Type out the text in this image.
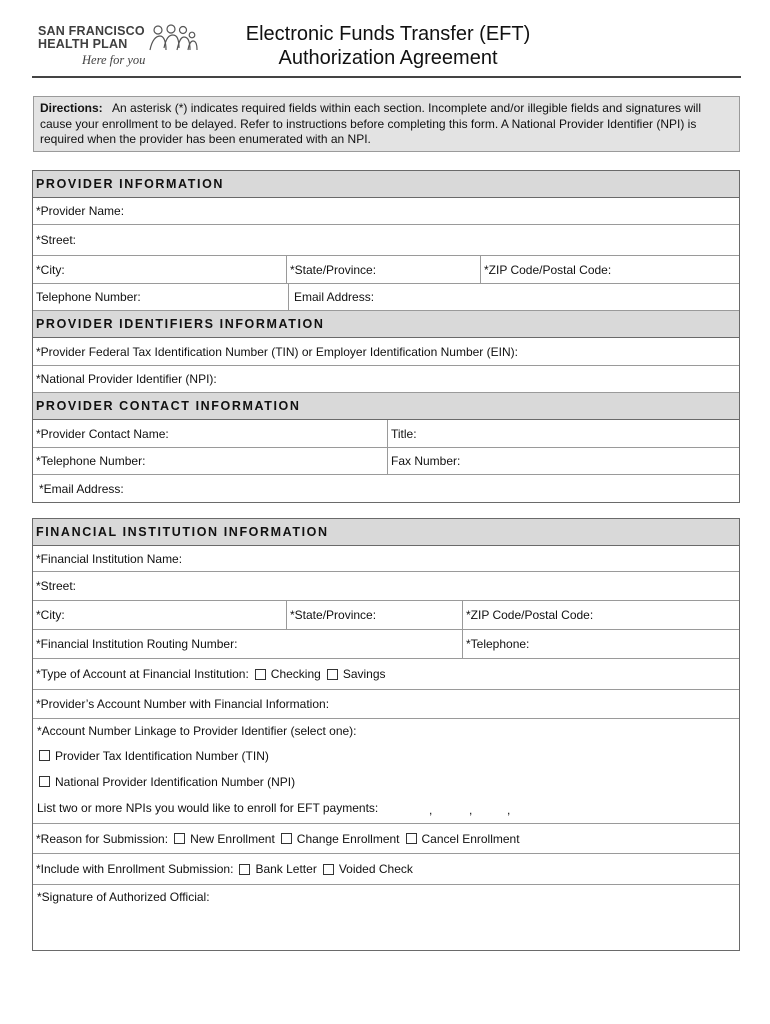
SAN FRANCISCO
HEALTH PLAN
Here for you
Electronic Funds Transfer (EFT)
Authorization Agreement
Directions: An asterisk (*) indicates required fields within each section. Incomplete and/or illegible fields and signatures will cause your enrollment to be delayed. Refer to instructions before completing this form. A National Provider Identifier (NPI) is required when the provider has been enumerated with an NPI.
PROVIDER INFORMATION
*Provider Name:
*Street:
*City:	*State/Province:	*ZIP Code/Postal Code:
Telephone Number:	Email Address:
PROVIDER IDENTIFIERS INFORMATION
*Provider Federal Tax Identification Number (TIN) or Employer Identification Number (EIN):
*National Provider Identifier (NPI):
PROVIDER CONTACT INFORMATION
*Provider Contact Name:	Title:
*Telephone Number:	Fax Number:
*Email Address:
FINANCIAL INSTITUTION INFORMATION
*Financial Institution Name:
*Street:
*City:	*State/Province:	*ZIP Code/Postal Code:
*Financial Institution Routing Number:	*Telephone:
*Type of Account at Financial Institution: Checking Savings
*Provider’s Account Number with Financial Information:
*Account Number Linkage to Provider Identifier (select one):
Provider Tax Identification Number (TIN)
National Provider Identification Number (NPI)
List two or more NPIs you would like to enroll for EFT payments:	,	,	,
*Reason for Submission: New Enrollment Change Enrollment Cancel Enrollment
*Include with Enrollment Submission: Bank Letter Voided Check
*Signature of Authorized Official:
